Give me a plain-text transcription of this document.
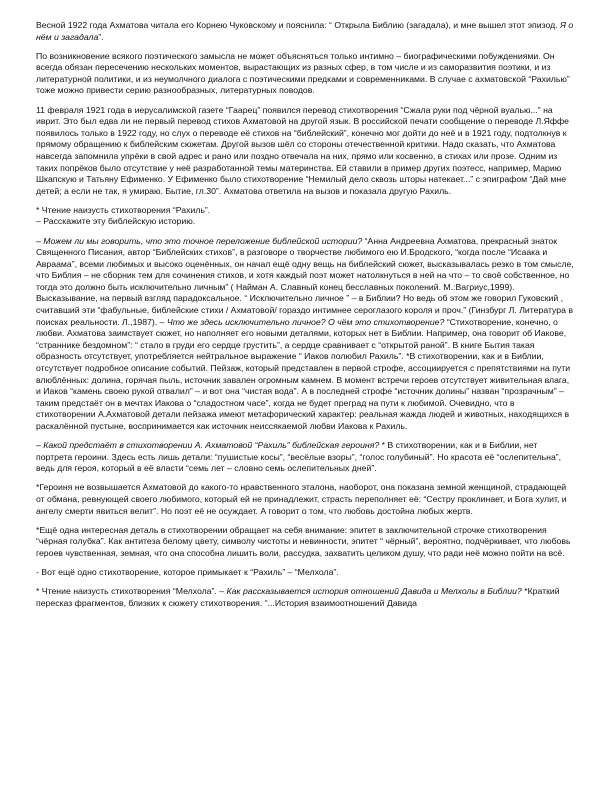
Весной 1922 года Ахматова читала его Корнею Чуковскому и пояснила: “ Открыла Библию (загадала), и мне вышел этот эпизод. Я о нём и загадала”.

По возникновение всякого поэтического замысла не может объясняться только интимно – биографическими побуждениями. Он всегда обязан пересечению нескольких моментов, вырастающих из разных сфер, в том числе и из саморазвития поэтики, и из литературной политики, и из неумолчного диалога с поэтическими предками и современниками. В случае с ахматовской “Рахилью” тоже можно привести серию разнообразных, литературных поводов.

11 февраля 1921 года в иерусалимской газете “Гаарец” появился перевод стихотворения “Сжала руки под чёрной вуалью...” на иврит. Это был едва ли не первый перевод стихов Ахматовой на другой язык. В российской печати сообщение о переводе Л.Яффе появилось только в 1922 году, но слух о переводе её стихов на “библейский”, конечно мог дойти до неё и в 1921 году, подтолкнув к прямому обращению к библейским сюжетам. Другой вызов шёл со стороны отечественной критики. Надо сказать, что Ахматова навсегда запомнила упрёки в свой адрес и рано или поздно отвечала на них, прямо или косвенно, в стихах или прозе. Одним из таких попрёков было отсутствие у неё разработанной темы материнства. Ей ставили в пример других поэтесс, например, Марию Шкапскую и Татьяну Ефименко. У Ефименко было стихотворение “Немилый дело сквозь шторы натекает...” с эпиграфом “Дай мне детей; а если не так, я умираю. Бытие, гл.30”. Ахматова ответила на вызов и показала другую Рахиль.

* Чтение наизусть стихотворения “Рахиль”.

– Расскажите эту библейскую историю.

– Можем ли мы говорить, что это точное переложение библейской истории? “Анна Андреевна Ахматова, прекрасный знаток Священного Писания, автор “Библейских стихов”, в разговоре о творчестве любимого ею И.Бродского, “когда после “Исаака и Авраама”, всеми любимых и высоко оценённых, он начал ещё одну вещь на библейский сюжет, высказывалась резко в том смысле, что Библия – не сборник тем для сочинения стихов, и хотя каждый поэт может натолкнуться в ней на что – то своё собственное, но тогда это должно быть исключительно личным” ( Найман А. Славный конец бесславных поколений. М.:Вагриус,1999). Высказывание, на первый взгляд парадоксальное. “ Исключительно личное ” – в Библии? Но ведь об этом же говорил Гуковский , считавший эти “фабульные, библейские стихи / Ахматовой/ гораздо интимнее сероглазого короля и проч.” (Гинзбург Л. Литература в поисках реальности. Л.,1987). – Что же здесь исключительно личное? О чём это стихотворение? “Стихотворение, конечно, о любви. Ахматова заимствует сюжет, но наполняет его новыми деталями, которых нет в Библии. Например, она говорит об Иакове, “страннике бездомном”: “ стало в груди его сердце грустить”, а сердце сравнивает с “открытой раной”. В книге Бытия такая образность отсутствует, употребляется нейтральное выражение “ Иаков полюбил Рахиль”. *В стихотворении, как и в Библии, отсутствует подробное описание событий. Пейзаж, который представлен в первой строфе, ассоциируется с препятствиями на пути влюблённых: долина, горячая пыль, источник завален огромным камнем. В момент встречи героев отсутствует живительная влага, и Иаков “камень своею рукой отвалил” – и вот она “чистая вода”. А в последней строфе “источник долины” назван “прозрачным” – таким предстаёт он в мечтах Иакова о “сладостном часе”, когда не будет преград на пути к любимой. Очевидно, что в стихотворении А.Ахматовой детали пейзажа имеют метафорический характер: реальная жажда людей и животных, находящихся в раскалённой пустыне, воспринимается как источник неиссякаемой любви Иакова к Рахиль.

– Какой предстаёт в стихотворении А. Ахматовой “Рахиль” библейская героиня? * В стихотворении, как и в Библии, нет портрета героини. Здесь есть лишь детали: “пушистые косы”, “весёлые взоры”, “голос голубиный”. Но красота её “ослепительна”, ведь для героя, который в её власти “семь лет – словно семь ослепительных дней”.

*Героиня не возвышается Ахматовой до какого-то нравственного эталона, наоборот, она показана земной женщиной, страдающей от обмана, ревнующей своего любимого, который ей не принадлежит, страсть переполняет её: “Сестру проклинает, и Бога хулит, и ангелу смерти явиться велит”. Но поэт её не осуждает. А говорит о том, что любовь достойна любых жертв.

*Ещё одна интересная деталь в стихотворении обращает на себя внимание: эпитет в заключительной строчке стихотворения “чёрная голубка”. Как антитеза белому цвету, символу чистоты и невинности, эпитет “ чёрный”, вероятно, подчёркивает, что любовь героев чувственная, земная, что она способна лишить воли, рассудка, захватить целиком душу, что ради неё можно пойти на всё.

- Вот ещё одно стихотворение, которое примыкает к “Рахиль” – “Мелхола”.

* Чтение наизусть стихотворения “Мелхола”. – Как рассказывается история отношений Давида и Мелхолы в Библии? *Краткий пересказ фрагментов, близких к сюжету стихотворения. “...История взаимоотношений Давида
